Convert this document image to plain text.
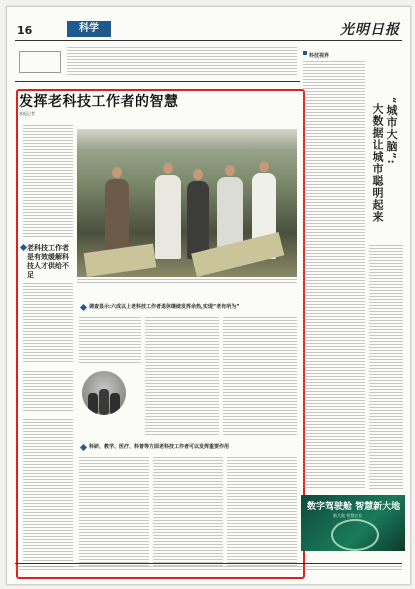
16	科学	光明日报
发挥老科技工作者的智慧
本报记者
老科技工作者是有效缓解科技人才供给不足
调查显示:六成以上老科技工作者退休继续发挥余热,实现“老有所为”
科研、教学、医疗、科普等方面老科技工作者可以发挥重要作用
科技视界
“城市大脑”:
大数据让城市聪明起来
数字驾驶舱 智慧新大地
新大地 智慧农业
